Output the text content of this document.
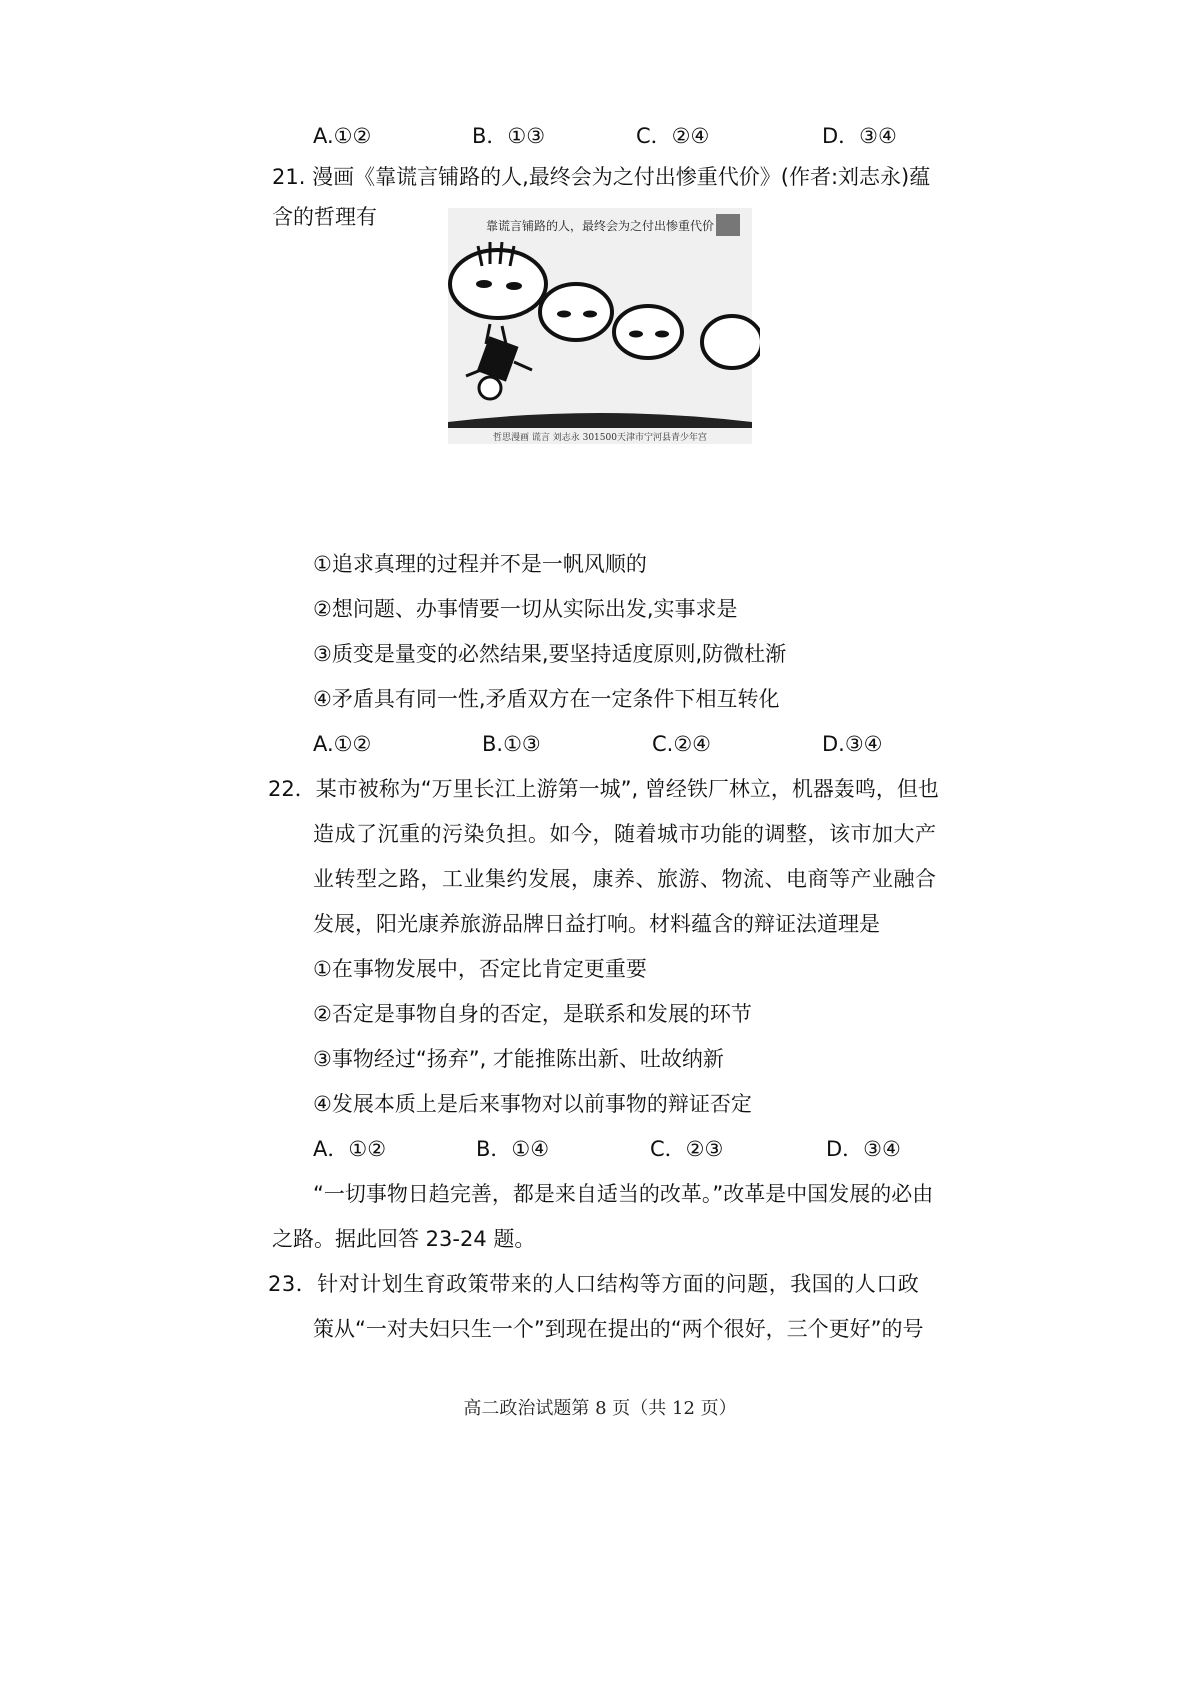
A.①②	B．①③	C．②④	D．③④
21. 漫画《靠谎言铺路的人,最终会为之付出惨重代价》(作者:刘志永)蕴
含的哲理有	靠谎言铺路的人，最终会为之付出惨重代价
哲思漫画 谎言 刘志永 301500天津市宁河县青少年宫
①追求真理的过程并不是一帆风顺的
②想问题、办事情要一切从实际出发,实事求是
③质变是量变的必然结果,要坚持适度原则,防微杜渐
④矛盾具有同一性,矛盾双方在一定条件下相互转化
A.①②	B.①③	C.②④	D.③④
22．某市被称为“万里长江上游第一城”, 曾经铁厂林立，机器轰鸣，但也
造成了沉重的污染负担。如今，随着城市功能的调整，该市加大产
业转型之路，工业集约发展，康养、旅游、物流、电商等产业融合
发展，阳光康养旅游品牌日益打响。材料蕴含的辩证法道理是
①在事物发展中，否定比肯定更重要
②否定是事物自身的否定，是联系和发展的环节
③事物经过“扬弃”, 才能推陈出新、吐故纳新
④发展本质上是后来事物对以前事物的辩证否定
A．①②	B．①④	C．②③	D．③④
“一切事物日趋完善，都是来自适当的改革。”改革是中国发展的必由
之路。据此回答 23-24 题。
23．针对计划生育政策带来的人口结构等方面的问题，我国的人口政
策从“一对夫妇只生一个”到现在提出的“两个很好，三个更好”的号
高二政治试题第 8 页（共 12 页）
